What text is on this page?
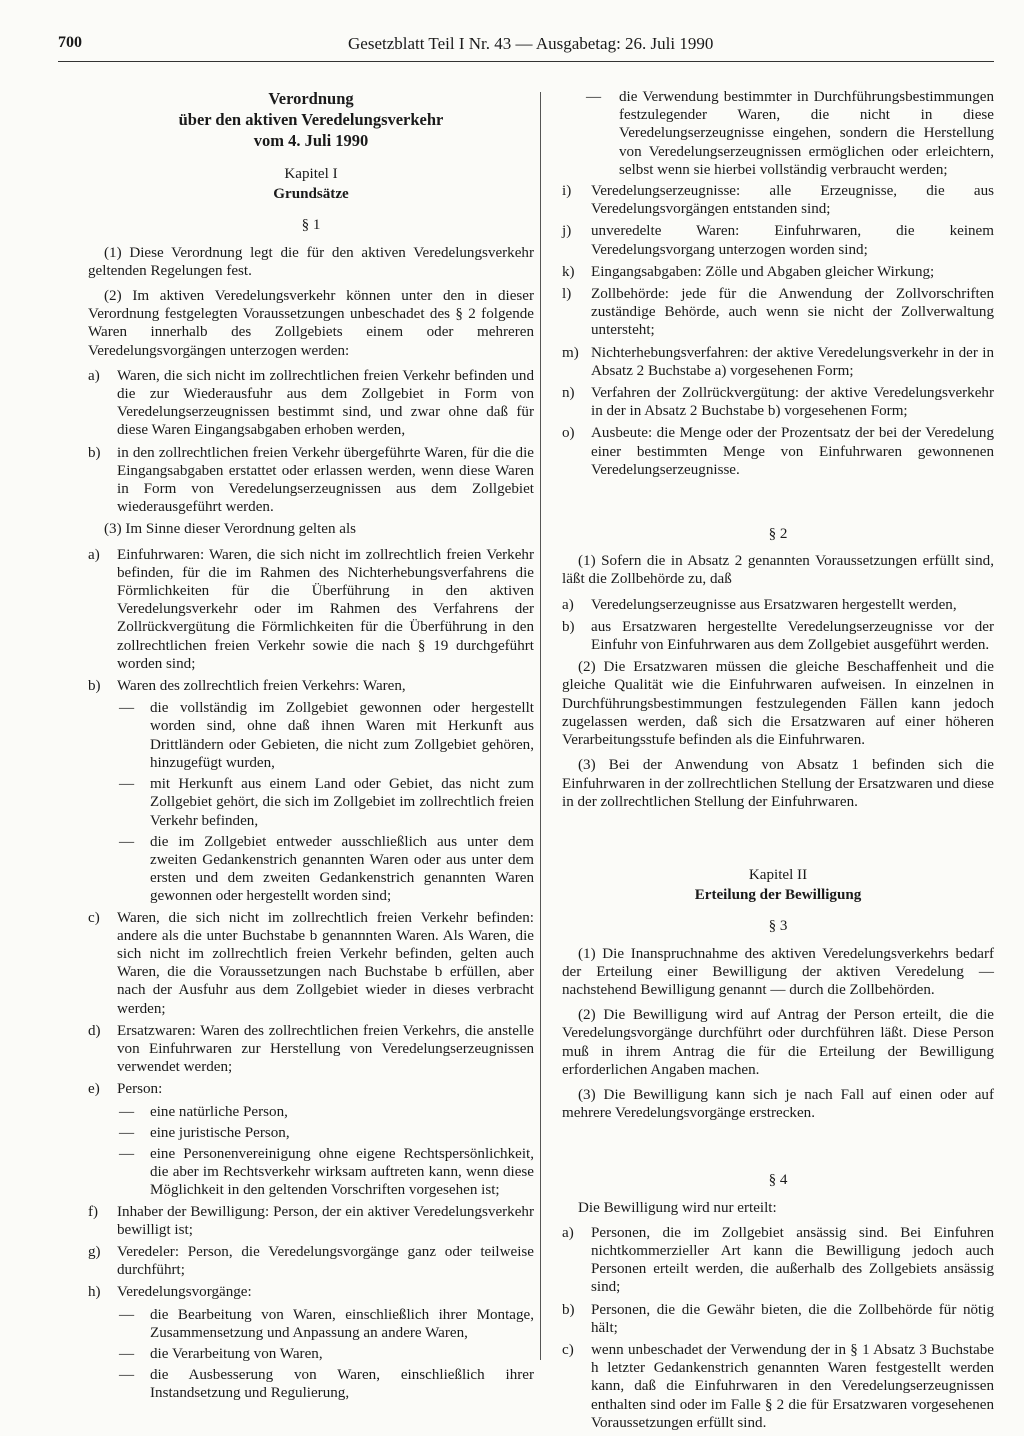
700	Gesetzblatt Teil I Nr. 43 — Ausgabetag: 26. Juli 1990
Verordnung
über den aktiven Veredelungsverkehr
vom 4. Juli 1990
Kapitel I
Grundsätze
§ 1

(1) Diese Verordnung legt die für den aktiven Veredelungsverkehr geltenden Regelungen fest.

(2) Im aktiven Veredelungsverkehr können unter den in dieser Verordnung festgelegten Voraussetzungen unbeschadet des § 2 folgende Waren innerhalb des Zollgebiets einem oder mehreren Veredelungsvorgängen unterzogen werden:

a) Waren, die sich nicht im zollrechtlichen freien Verkehr befinden und die zur Wiederausfuhr aus dem Zollgebiet in Form von Veredelungserzeugnissen bestimmt sind, und zwar ohne daß für diese Waren Eingangsabgaben erhoben werden,
b) in den zollrechtlichen freien Verkehr übergeführte Waren, für die die Eingangsabgaben erstattet oder erlassen werden, wenn diese Waren in Form von Veredelungserzeugnissen aus dem Zollgebiet wiederausgeführt werden.

(3) Im Sinne dieser Verordnung gelten als

a) Einfuhrwaren: Waren, die sich nicht im zollrechtlich freien Verkehr befinden, für die im Rahmen des Nichterhebungsverfahrens die Förmlichkeiten für die Überführung in den aktiven Veredelungsverkehr oder im Rahmen des Verfahrens der Zollrückvergütung die Förmlichkeiten für die Überführung in den zollrechtlichen freien Verkehr sowie die nach § 19 durchgeführt worden sind;
b) Waren des zollrechtlich freien Verkehrs: Waren,
— die vollständig im Zollgebiet gewonnen oder hergestellt worden sind, ohne daß ihnen Waren mit Herkunft aus Drittländern oder Gebieten, die nicht zum Zollgebiet gehören, hinzugefügt wurden,
— mit Herkunft aus einem Land oder Gebiet, das nicht zum Zollgebiet gehört, die sich im Zollgebiet im zollrechtlich freien Verkehr befinden,
— die im Zollgebiet entweder ausschließlich aus unter dem zweiten Gedankenstrich genannten Waren oder aus unter dem ersten und dem zweiten Gedankenstrich genannten Waren gewonnen oder hergestellt worden sind;
c) Waren, die sich nicht im zollrechtlich freien Verkehr befinden: andere als die unter Buchstabe b genannnten Waren. Als Waren, die sich nicht im zollrechtlich freien Verkehr befinden, gelten auch Waren, die die Voraussetzungen nach Buchstabe b erfüllen, aber nach der Ausfuhr aus dem Zollgebiet wieder in dieses verbracht werden;
d) Ersatzwaren: Waren des zollrechtlichen freien Verkehrs, die anstelle von Einfuhrwaren zur Herstellung von Veredelungserzeugnissen verwendet werden;
e) Person:
— eine natürliche Person,
— eine juristische Person,
— eine Personenvereinigung ohne eigene Rechtspersönlichkeit, die aber im Rechtsverkehr wirksam auftreten kann, wenn diese Möglichkeit in den geltenden Vorschriften vorgesehen ist;
f) Inhaber der Bewilligung: Person, der ein aktiver Veredelungsverkehr bewilligt ist;
g) Veredeler: Person, die Veredelungsvorgänge ganz oder teilweise durchführt;
h) Veredelungsvorgänge:
— die Bearbeitung von Waren, einschließlich ihrer Montage, Zusammensetzung und Anpassung an andere Waren,
— die Verarbeitung von Waren,
— die Ausbesserung von Waren, einschließlich ihrer Instandsetzung und Regulierung,
— die Verwendung bestimmter in Durchführungsbestimmungen festzulegender Waren, die nicht in diese Veredelungserzeugnisse eingehen, sondern die Herstellung von Veredelungserzeugnissen ermöglichen oder erleichtern, selbst wenn sie hierbei vollständig verbraucht werden;
i) Veredelungserzeugnisse: alle Erzeugnisse, die aus Veredelungsvorgängen entstanden sind;
j) unveredelte Waren: Einfuhrwaren, die keinem Veredelungsvorgang unterzogen worden sind;
k) Eingangsabgaben: Zölle und Abgaben gleicher Wirkung;
l) Zollbehörde: jede für die Anwendung der Zollvorschriften zuständige Behörde, auch wenn sie nicht der Zollverwaltung untersteht;
m) Nichterhebungsverfahren: der aktive Veredelungsverkehr in der in Absatz 2 Buchstabe a) vorgesehenen Form;
n) Verfahren der Zollrückvergütung: der aktive Veredelungsverkehr in der in Absatz 2 Buchstabe b) vorgesehenen Form;
o) Ausbeute: die Menge oder der Prozentsatz der bei der Veredelung einer bestimmten Menge von Einfuhrwaren gewonnenen Veredelungserzeugnisse.
§ 2

(1) Sofern die in Absatz 2 genannten Voraussetzungen erfüllt sind, läßt die Zollbehörde zu, daß

a) Veredelungserzeugnisse aus Ersatzwaren hergestellt werden,
b) aus Ersatzwaren hergestellte Veredelungserzeugnisse vor der Einfuhr von Einfuhrwaren aus dem Zollgebiet ausgeführt werden.

(2) Die Ersatzwaren müssen die gleiche Beschaffenheit und die gleiche Qualität wie die Einfuhrwaren aufweisen. In einzelnen in Durchführungsbestimmungen festzulegenden Fällen kann jedoch zugelassen werden, daß sich die Ersatzwaren auf einer höheren Verarbeitungsstufe befinden als die Einfuhrwaren.

(3) Bei der Anwendung von Absatz 1 befinden sich die Einfuhrwaren in der zollrechtlichen Stellung der Ersatzwaren und diese in der zollrechtlichen Stellung der Einfuhrwaren.

Kapitel II
Erteilung der Bewilligung
§ 3

(1) Die Inanspruchnahme des aktiven Veredelungsverkehrs bedarf der Erteilung einer Bewilligung der aktiven Veredelung — nachstehend Bewilligung genannt — durch die Zollbehörden.

(2) Die Bewilligung wird auf Antrag der Person erteilt, die die Veredelungsvorgänge durchführt oder durchführen läßt. Diese Person muß in ihrem Antrag die für die Erteilung der Bewilligung erforderlichen Angaben machen.

(3) Die Bewilligung kann sich je nach Fall auf einen oder auf mehrere Veredelungsvorgänge erstrecken.

§ 4

Die Bewilligung wird nur erteilt:

a) Personen, die im Zollgebiet ansässig sind. Bei Einfuhren nichtkommerzieller Art kann die Bewilligung jedoch auch Personen erteilt werden, die außerhalb des Zollgebiets ansässig sind;
b) Personen, die die Gewähr bieten, die die Zollbehörde für nötig hält;
c) wenn unbeschadet der Verwendung der in § 1 Absatz 3 Buchstabe h letzter Gedankenstrich genannten Waren festgestellt werden kann, daß die Einfuhrwaren in den Veredelungserzeugnissen enthalten sind oder im Falle § 2 die für Ersatzwaren vorgesehenen Voraussetzungen erfüllt sind.
